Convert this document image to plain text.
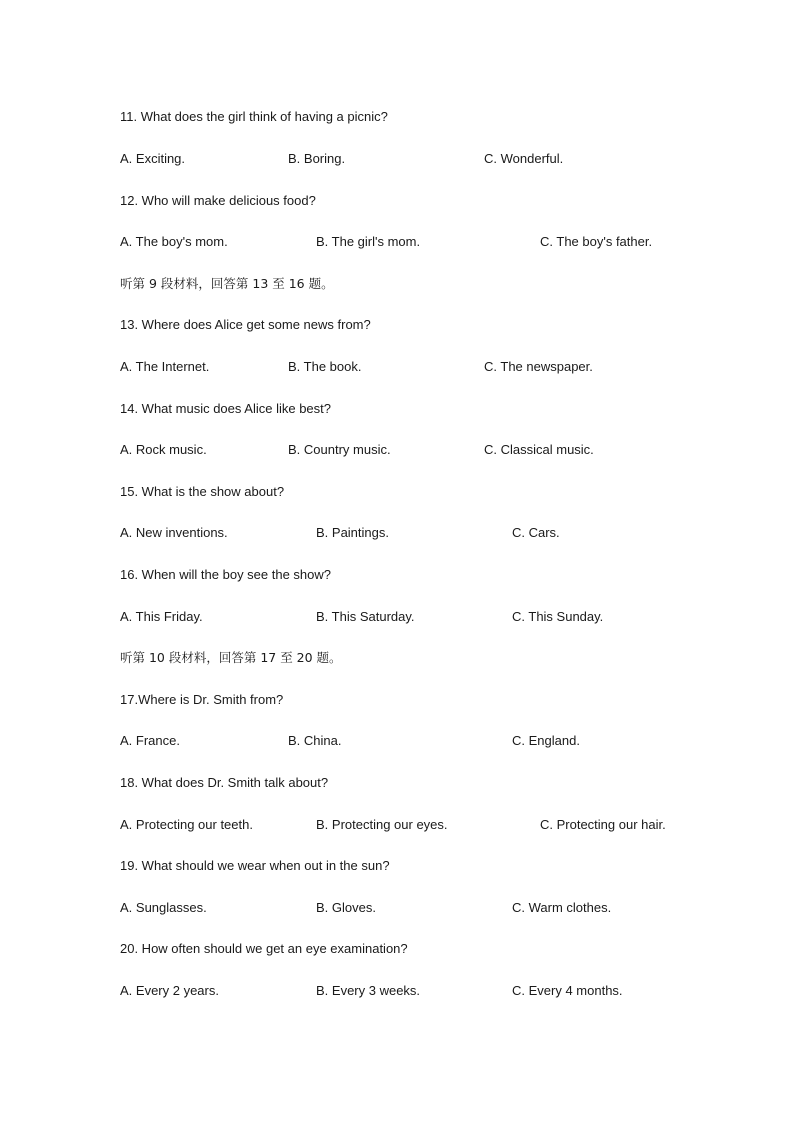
11. What does the girl think of having a picnic?
A. Exciting.	B. Boring.	C. Wonderful.
12. Who will make delicious food?
A. The boy's mom.	B. The girl's mom.	C. The boy's father.
听第 9 段材料，回答第 13 至 16 题。
13. Where does Alice get some news from?
A. The Internet.	B. The book.	C. The newspaper.
14. What music does Alice like best?
A. Rock music.	B. Country music.	C. Classical music.
15. What is the show about?
A. New inventions.	B. Paintings.	C. Cars.
16. When will the boy see the show?
A. This Friday.	B. This Saturday.	C. This Sunday.
听第 10 段材料，回答第 17 至 20 题。
17.Where is Dr. Smith from?
A. France.	B. China.	C. England.
18. What does Dr. Smith talk about?
A. Protecting our teeth.	B. Protecting our eyes.	C. Protecting our hair.
19. What should we wear when out in the sun?
A. Sunglasses.	B. Gloves.	C. Warm clothes.
20. How often should we get an eye examination?
A. Every 2 years.	B. Every 3 weeks.	C. Every 4 months.
